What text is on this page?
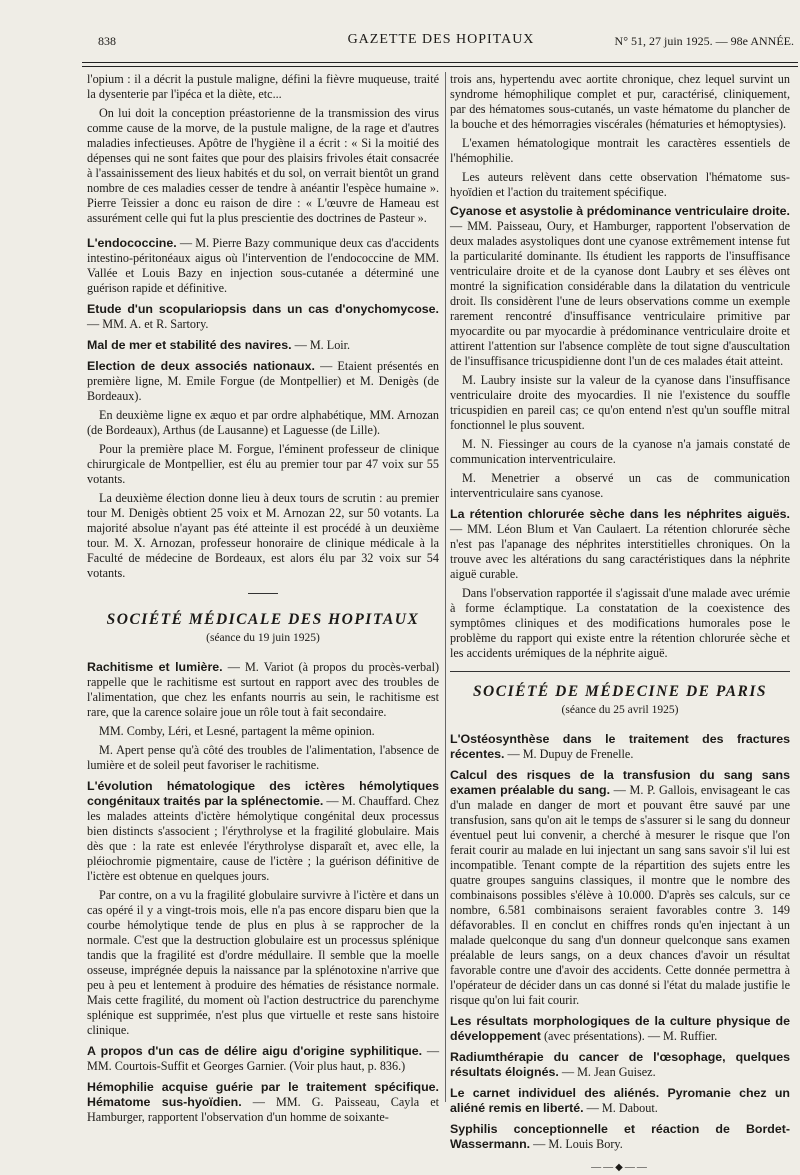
838	GAZETTE DES HOPITAUX	N° 51, 27 juin 1925. — 98e ANNÉE.

l'opium : il a décrit la pustule maligne, défini la fièvre muqueuse, traité la dysenterie par l'ipéca et la diète, etc...

On lui doit la conception préastorienne de la transmission des virus comme cause de la morve, de la pustule maligne, de la rage et d'autres maladies infectieuses. Apôtre de l'hygiène il a écrit : « Si la moitié des dépenses qui ne sont faites que pour des plaisirs frivoles était consacrée à l'assainissement des lieux habités et du sol, on verrait bientôt un grand nombre de ces maladies cesser de tendre à anéantir l'espèce humaine ». Pierre Teissier a donc eu raison de dire : « L'œuvre de Hameau est assurément celle qui fut la plus prescientie des doctrines de Pasteur ».

L'endococcine. — M. Pierre Bazy communique deux cas d'accidents intestino-péritonéaux aigus où l'intervention de l'endococcine de MM. Vallée et Louis Bazy en injection sous-cutanée a déterminé une guérison rapide et définitive.

Etude d'un scopulariopsis dans un cas d'onychomycose. — MM. A. et R. Sartory.

Mal de mer et stabilité des navires. — M. Loir.

Election de deux associés nationaux. — Etaient présentés en première ligne, M. Emile Forgue (de Montpellier) et M. Denigès (de Bordeaux).

En deuxième ligne ex æquo et par ordre alphabétique, MM. Arnozan (de Bordeaux), Arthus (de Lausanne) et Laguesse (de Lille).

Pour la première place M. Forgue, l'éminent professeur de clinique chirurgicale de Montpellier, est élu au premier tour par 47 voix sur 55 votants.

La deuxième élection donne lieu à deux tours de scrutin : au premier tour M. Denigès obtient 25 voix et M. Arnozan 22, sur 50 votants. La majorité absolue n'ayant pas été atteinte il est procédé à un deuxième tour. M. X. Arnozan, professeur honoraire de clinique médicale à la Faculté de médecine de Bordeaux, est alors élu par 32 voix sur 54 votants.

SOCIÉTÉ MÉDICALE DES HOPITAUX
(séance du 19 juin 1925)

Rachitisme et lumière. — M. Variot (à propos du procès-verbal) rappelle que le rachitisme est surtout en rapport avec des troubles de l'alimentation, que chez les enfants nourris au sein, le rachitisme est rare, que la carence solaire joue un rôle tout à fait secondaire.

MM. Comby, Léri, et Lesné, partagent la même opinion.

M. Apert pense qu'à côté des troubles de l'alimentation, l'absence de lumière et de soleil peut favoriser le rachitisme.

L'évolution hématologique des ictères hémolytiques congénitaux traités par la splénectomie. — M. Chauffard. Chez les malades atteints d'ictère hémolytique congénital deux processus bien distincts s'associent ; l'érythrolyse et la fragilité globulaire. Mais dès que : la rate est enlevée l'érythrolyse disparaît et, avec elle, la pléiochromie pigmentaire, cause de l'ictère ; la guérison définitive de l'ictère est obtenue en quelques jours.

Par contre, on a vu la fragilité globulaire survivre à l'ictère et dans un cas opéré il y a vingt-trois mois, elle n'a pas encore disparu bien que la courbe hémolytique tende de plus en plus à se rapprocher de la normale. C'est que la destruction globulaire est un processus splénique tandis que la fragilité est d'ordre médullaire. Il semble que la moelle osseuse, imprégnée depuis la naissance par la splénotoxine n'arrive que peu à peu et lentement à produire des hématies de résistance normale. Mais cette fragilité, du moment où l'action destructrice du parenchyme splénique est supprimée, n'est plus que virtuelle et reste sans histoire clinique.

A propos d'un cas de délire aigu d'origine syphilitique. — MM. Courtois-Suffit et Georges Garnier. (Voir plus haut, p. 836.)

Hémophilie acquise guérie par le traitement spécifique. Hématome sus-hyoïdien. — MM. G. Paisseau, Cayla et Hamburger, rapportent l'observation d'un homme de soixante-

trois ans, hypertendu avec aortite chronique, chez lequel survint un syndrome hémophilique complet et pur, caractérisé, cliniquement, par des hématomes sous-cutanés, un vaste hématome du plancher de la bouche et des hémorragies viscérales (hématuries et hémoptysies).

L'examen hématologique montrait les caractères essentiels de l'hémophilie.

Les auteurs relèvent dans cette observation l'hématome sus-hyoïdien et l'action du traitement spécifique.

Cyanose et asystolie à prédominance ventriculaire droite. — MM. Paisseau, Oury, et Hamburger, rapportent l'observation de deux malades asystoliques dont une cyanose extrêmement intense fut la particularité dominante. Ils étudient les rapports de l'insuffisance ventriculaire droite et de la cyanose dont Laubry et ses élèves ont montré la signification considérable dans la dilatation du ventricule droit. Ils considèrent l'une de leurs observations comme un exemple rarement rencontré d'insuffisance ventriculaire primitive par myocardite ou par myocardie à prédominance ventriculaire droite et attirent l'attention sur l'absence complète de tout signe d'auscultation de l'insuffisance tricuspidienne dont l'un de ces malades était atteint.

M. Laubry insiste sur la valeur de la cyanose dans l'insuffisance ventriculaire droite des myocardies. Il nie l'existence du souffle tricuspidien en pareil cas; ce qu'on entend n'est qu'un souffle mitral fonctionnel le plus souvent.

M. N. Fiessinger au cours de la cyanose n'a jamais constaté de communication interventriculaire.

M. Menetrier a observé un cas de communication interventriculaire sans cyanose.

La rétention chlorurée sèche dans les néphrites aiguës. — MM. Léon Blum et Van Caulaert. La rétention chlorurée sèche n'est pas l'apanage des néphrites interstitielles chroniques. On la trouve avec les altérations du sang caractéristiques dans la néphrite aiguë curable.

Dans l'observation rapportée il s'agissait d'une malade avec urémie à forme éclamptique. La constatation de la coexistence des symptômes cliniques et des modifications humorales pose le problème du rapport qui existe entre la rétention chlorurée sèche et les accidents urémiques de la néphrite aiguë.

SOCIÉTÉ DE MÉDECINE DE PARIS
(séance du 25 avril 1925)

L'Ostéosynthèse dans le traitement des fractures récentes. — M. Dupuy de Frenelle.

Calcul des risques de la transfusion du sang sans examen préalable du sang. — M. P. Gallois, envisageant le cas d'un malade en danger de mort et pouvant être sauvé par une transfusion, sans qu'on ait le temps de s'assurer si le sang du donneur éventuel peut lui convenir, a cherché à mesurer le risque que l'on ferait courir au malade en lui injectant un sang sans savoir s'il lui est incompatible. Tenant compte de la répartition des sujets entre les quatre groupes sanguins classiques, il montre que le nombre des combinaisons possibles s'élève à 10.000. D'après ses calculs, sur ce nombre, 6.581 combinaisons seraient favorables contre 3. 149 défavorables. Il en conclut en chiffres ronds qu'en injectant à un malade quelconque du sang d'un donneur quelconque sans examen préalable de leurs sangs, on a deux chances d'avoir un résultat favorable contre une d'avoir des accidents. Cette donnée permettra à l'opérateur de décider dans un cas donné si l'état du malade justifie le risque qu'on lui fait courir.

Les résultats morphologiques de la culture physique de développement (avec présentations). — M. Ruffier.

Radiumthérapie du cancer de l'œsophage, quelques résultats éloignés. — M. Jean Guisez.

Le carnet individuel des aliénés. Pyromanie chez un aliéné remis en liberté. — M. Dabout.

Syphilis conceptionnelle et réaction de Bordet-Wassermann. — M. Louis Bory.

——◆——
